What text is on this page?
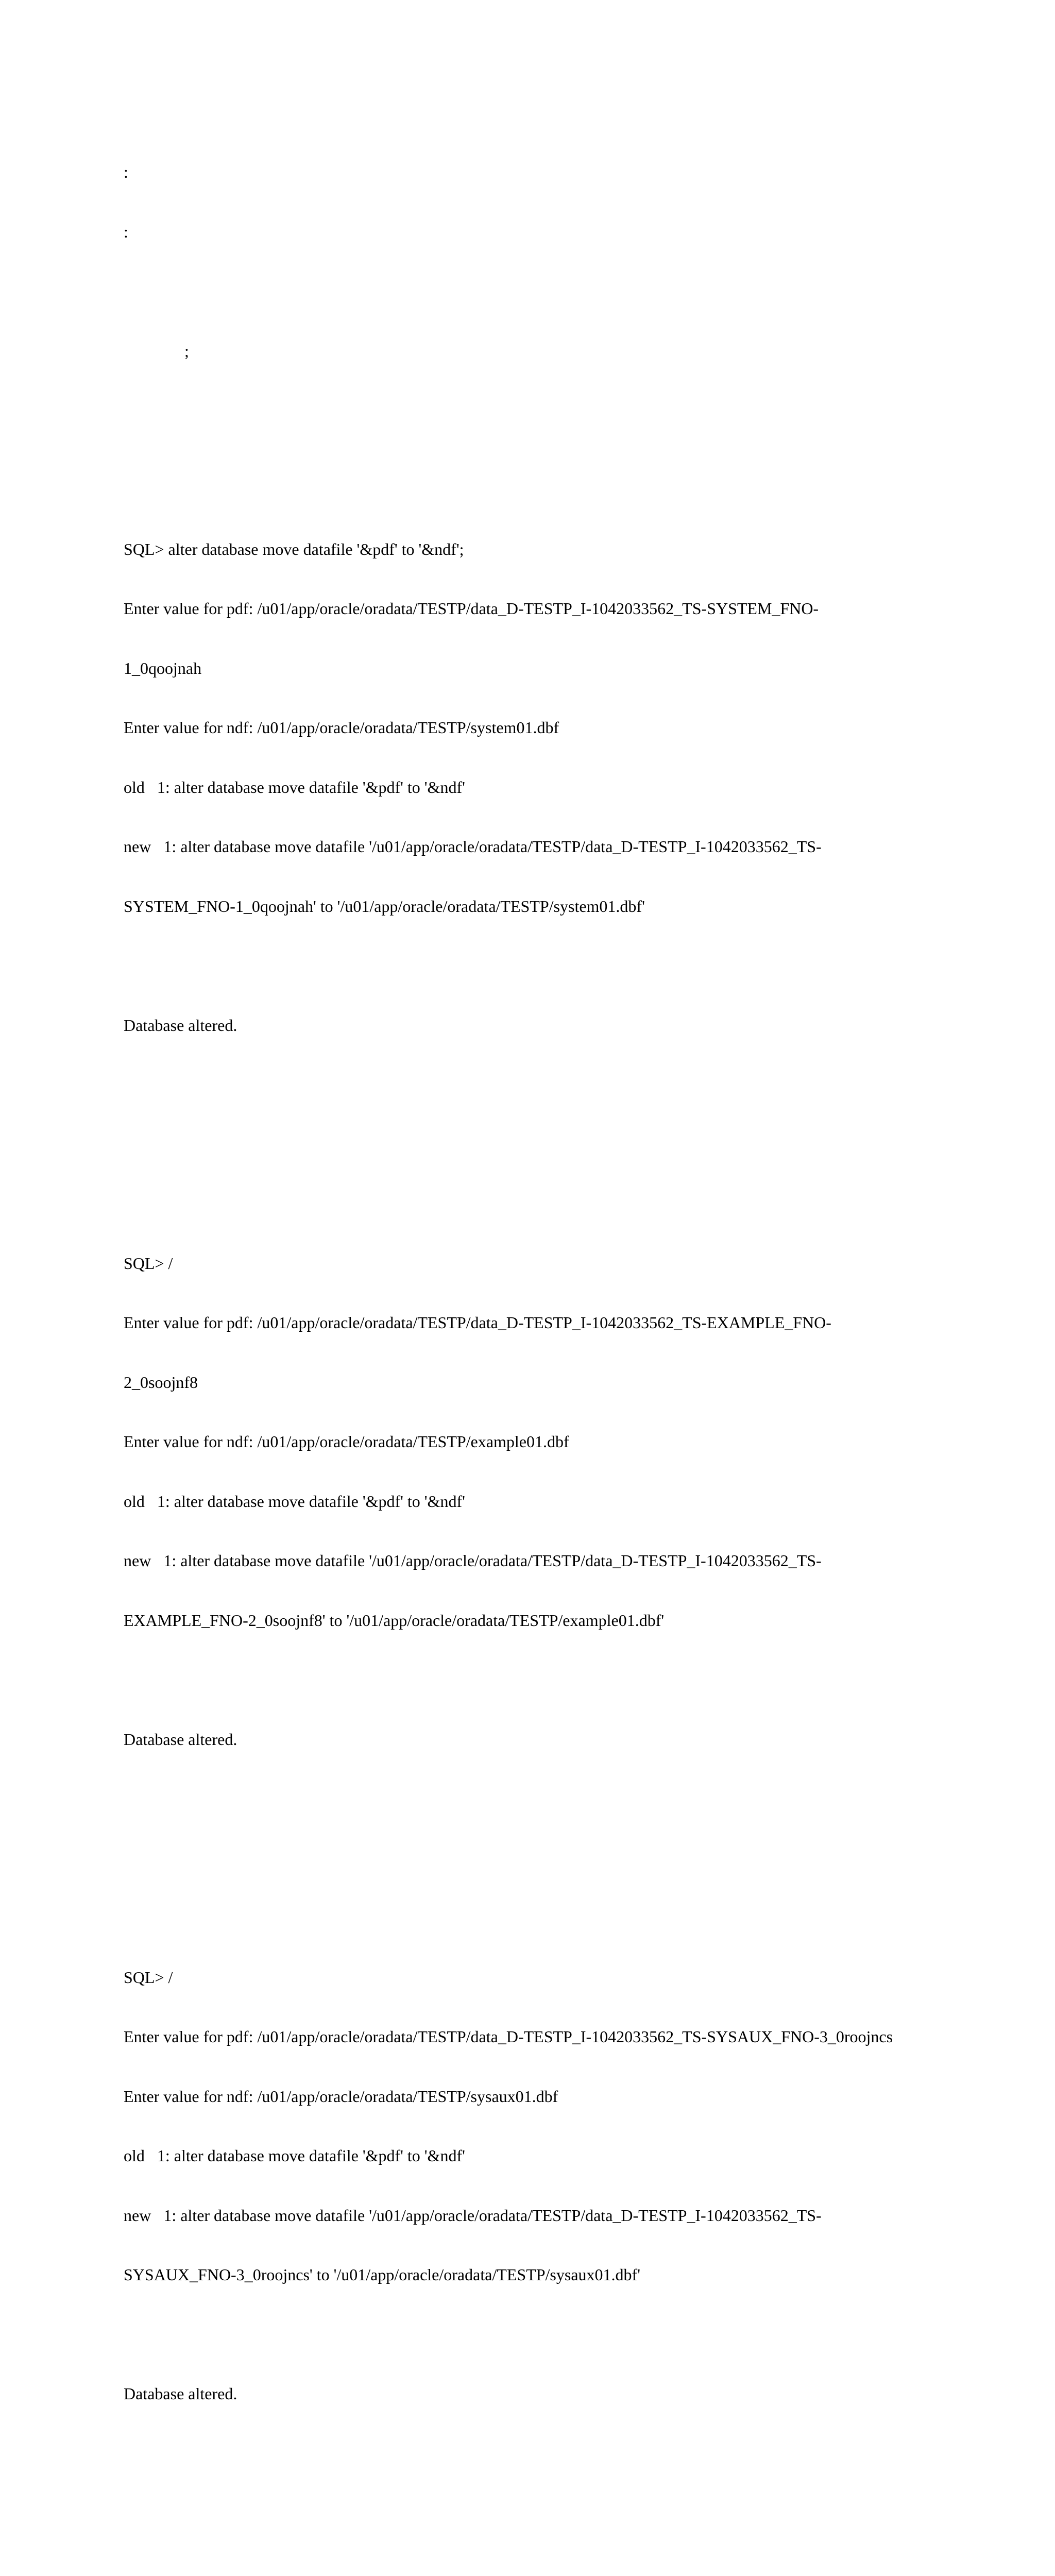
:

:

;

SQL> alter database move datafile '&pdf' to '&ndf';

Enter value for pdf: /u01/app/oracle/oradata/TESTP/data_D-TESTP_I-1042033562_TS-SYSTEM_FNO-

1_0qoojnah

Enter value for ndf: /u01/app/oracle/oradata/TESTP/system01.dbf

old   1: alter database move datafile '&pdf' to '&ndf'

new   1: alter database move datafile '/u01/app/oracle/oradata/TESTP/data_D-TESTP_I-1042033562_TS-

SYSTEM_FNO-1_0qoojnah' to '/u01/app/oracle/oradata/TESTP/system01.dbf'

Database altered.

SQL> /

Enter value for pdf: /u01/app/oracle/oradata/TESTP/data_D-TESTP_I-1042033562_TS-EXAMPLE_FNO-

2_0soojnf8

Enter value for ndf: /u01/app/oracle/oradata/TESTP/example01.dbf

old   1: alter database move datafile '&pdf' to '&ndf'

new   1: alter database move datafile '/u01/app/oracle/oradata/TESTP/data_D-TESTP_I-1042033562_TS-

EXAMPLE_FNO-2_0soojnf8' to '/u01/app/oracle/oradata/TESTP/example01.dbf'

Database altered.

SQL> /

Enter value for pdf: /u01/app/oracle/oradata/TESTP/data_D-TESTP_I-1042033562_TS-SYSAUX_FNO-3_0roojncs

Enter value for ndf: /u01/app/oracle/oradata/TESTP/sysaux01.dbf

old   1: alter database move datafile '&pdf' to '&ndf'

new   1: alter database move datafile '/u01/app/oracle/oradata/TESTP/data_D-TESTP_I-1042033562_TS-

SYSAUX_FNO-3_0roojncs' to '/u01/app/oracle/oradata/TESTP/sysaux01.dbf'

Database altered.
